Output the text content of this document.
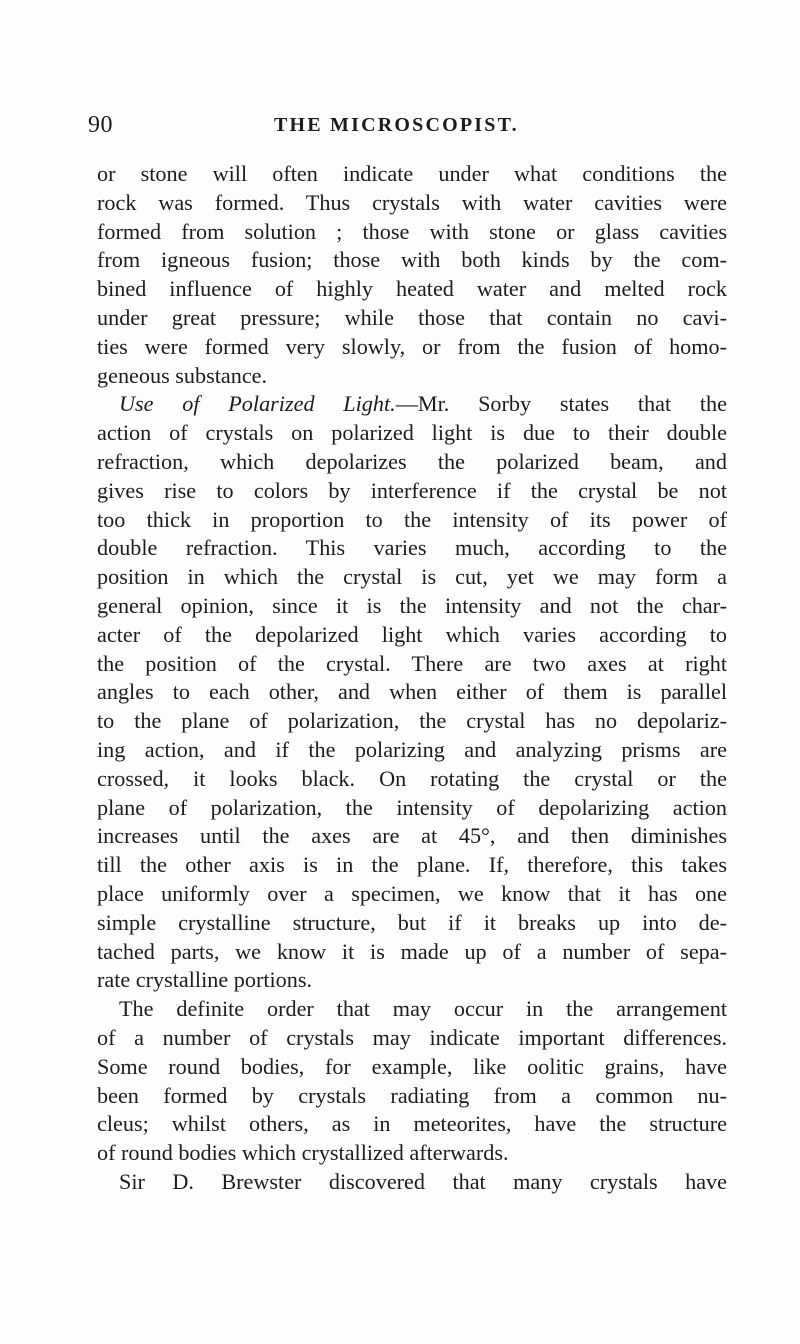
90	THE MICROSCOPIST.
or stone will often indicate under what conditions the
rock was formed. Thus crystals with water cavities were
formed from solution ; those with stone or glass cavities
from igneous fusion; those with both kinds by the com-
bined influence of highly heated water and melted rock
under great pressure; while those that contain no cavi-
ties were formed very slowly, or from the fusion of homo-
geneous substance.
Use of Polarized Light.—Mr. Sorby states that the
action of crystals on polarized light is due to their double
refraction, which depolarizes the polarized beam, and
gives rise to colors by interference if the crystal be not
too thick in proportion to the intensity of its power of
double refraction. This varies much, according to the
position in which the crystal is cut, yet we may form a
general opinion, since it is the intensity and not the char-
acter of the depolarized light which varies according to
the position of the crystal. There are two axes at right
angles to each other, and when either of them is parallel
to the plane of polarization, the crystal has no depolariz-
ing action, and if the polarizing and analyzing prisms are
crossed, it looks black. On rotating the crystal or the
plane of polarization, the intensity of depolarizing action
increases until the axes are at 45°, and then diminishes
till the other axis is in the plane. If, therefore, this takes
place uniformly over a specimen, we know that it has one
simple crystalline structure, but if it breaks up into de-
tached parts, we know it is made up of a number of sepa-
rate crystalline portions.
The definite order that may occur in the arrangement
of a number of crystals may indicate important differences.
Some round bodies, for example, like oolitic grains, have
been formed by crystals radiating from a common nu-
cleus; whilst others, as in meteorites, have the structure
of round bodies which crystallized afterwards.
Sir D. Brewster discovered that many crystals have
